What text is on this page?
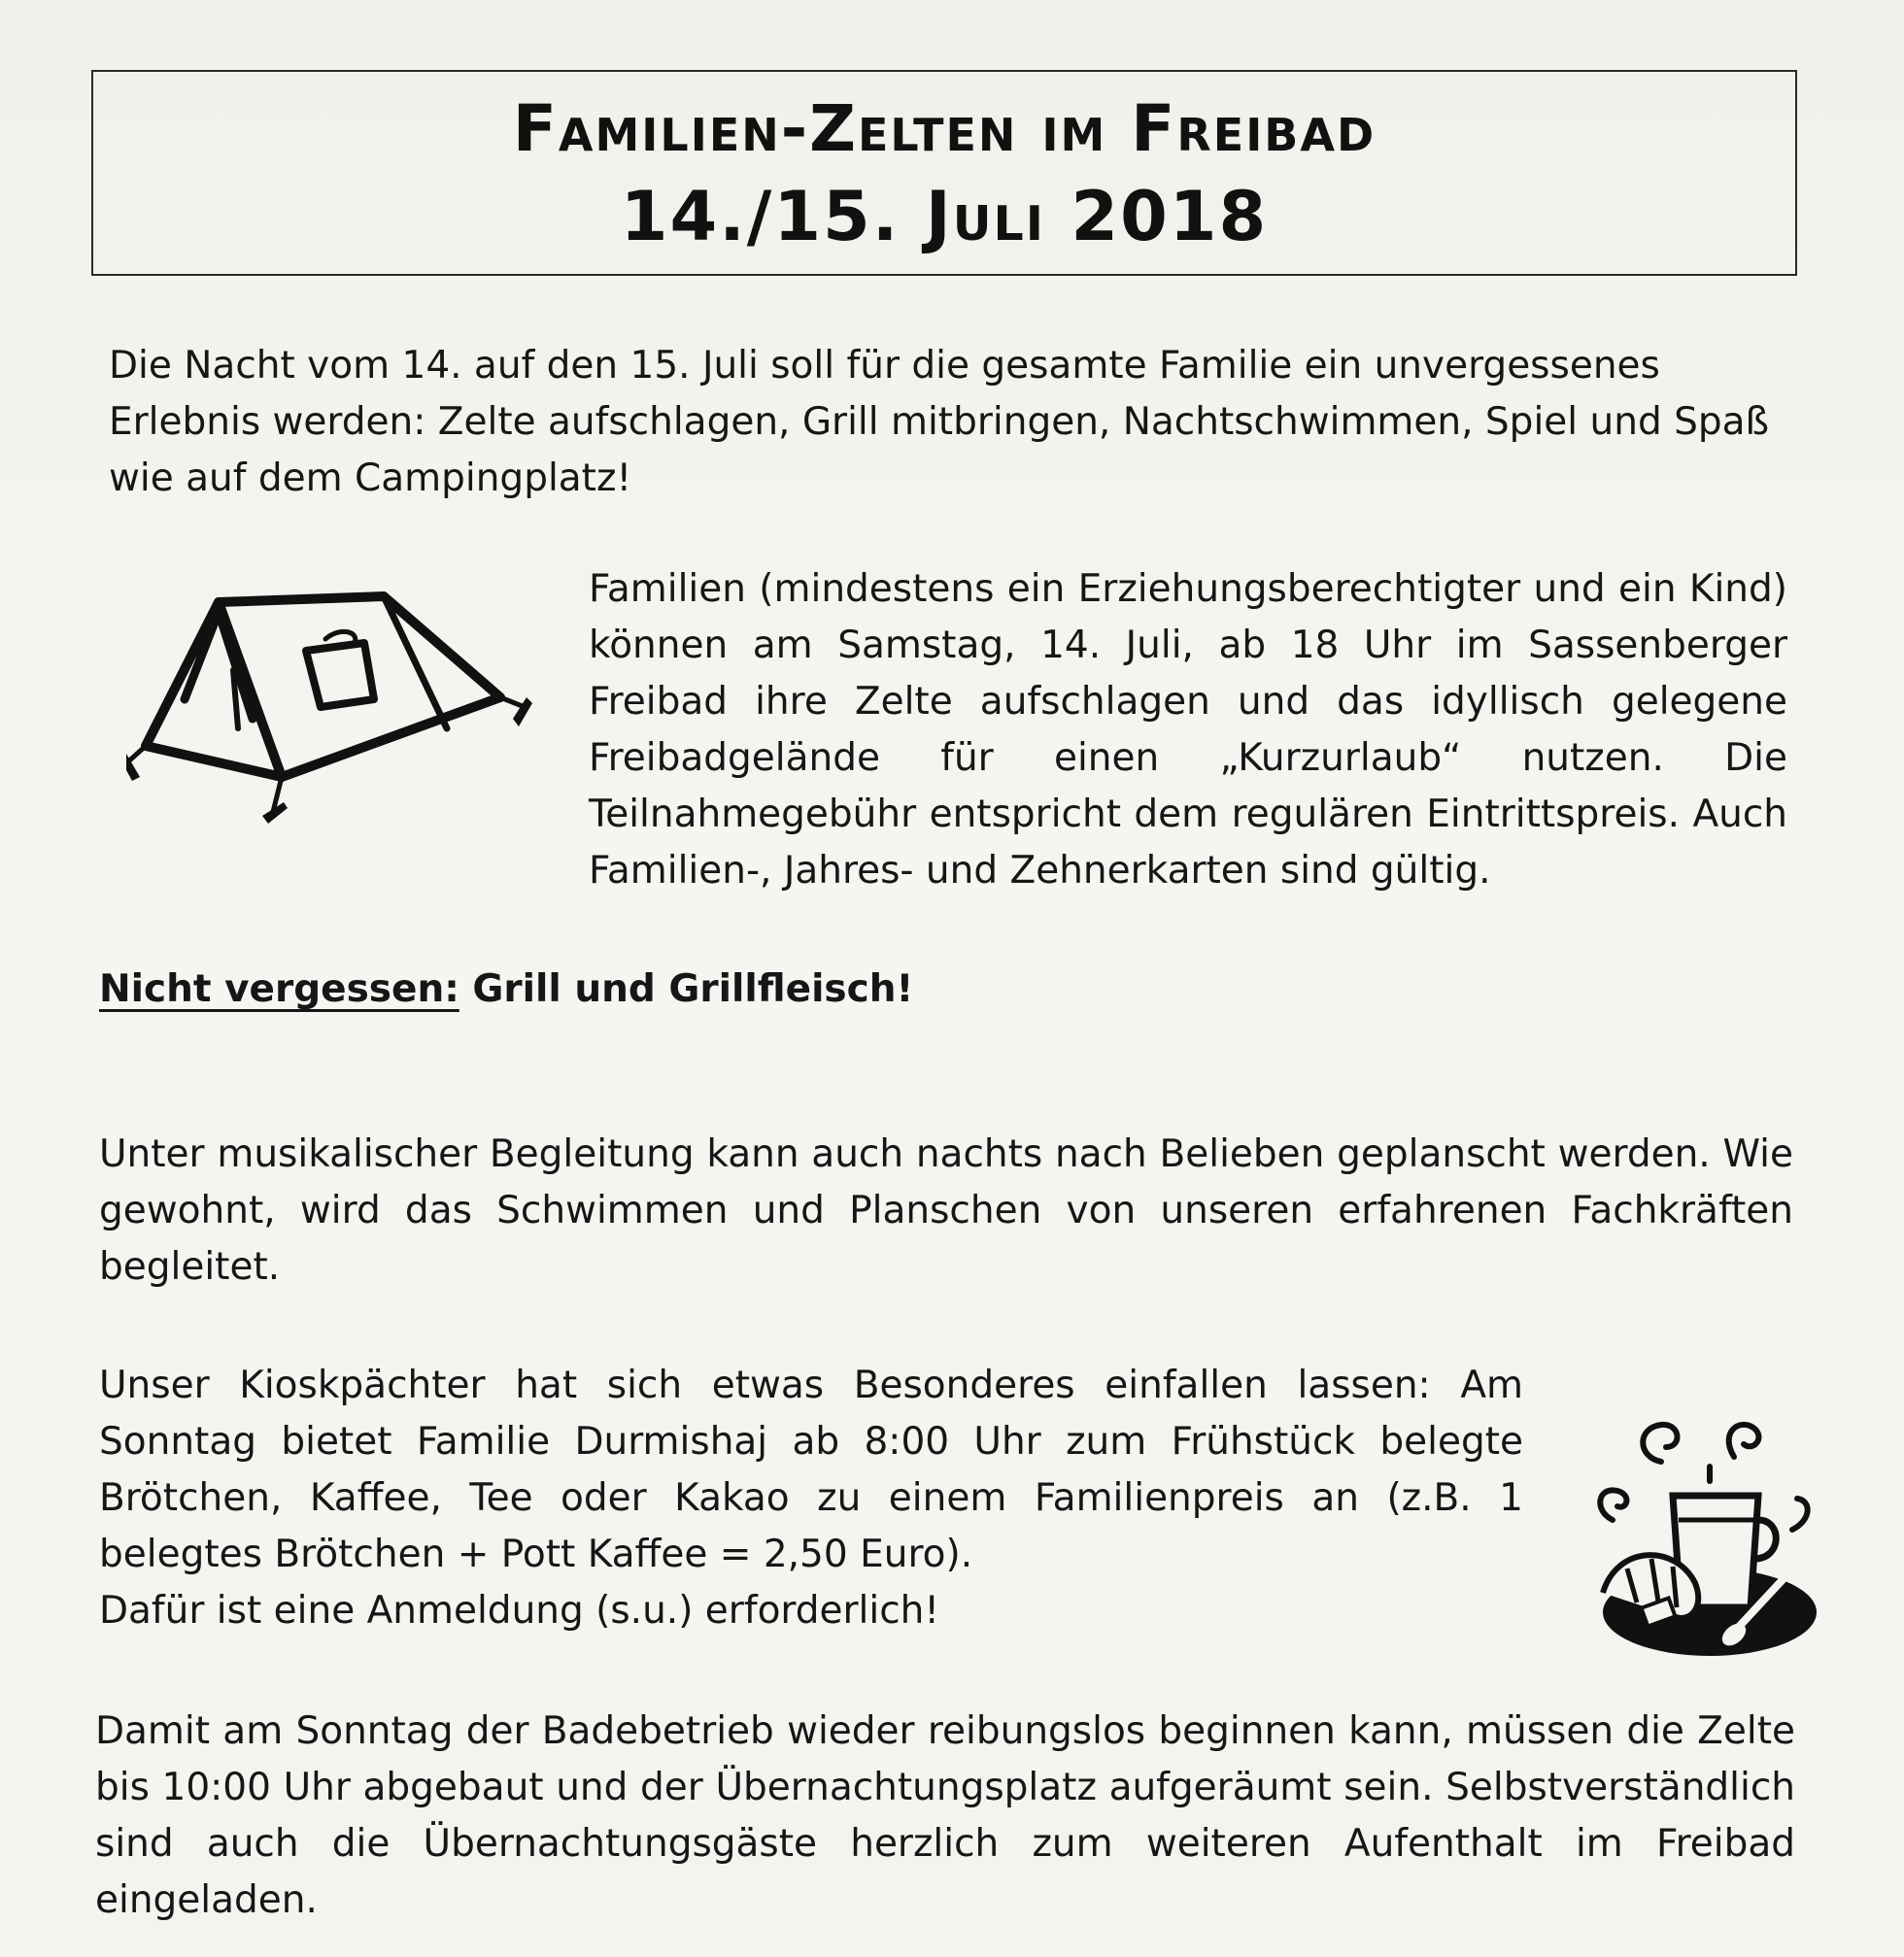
Familien-Zelten im Freibad
14./15. Juli 2018

Die Nacht vom 14. auf den 15. Juli soll für die gesamte Familie ein unvergessenes Erlebnis werden: Zelte aufschlagen, Grill mitbringen, Nachtschwimmen, Spiel und Spaß wie auf dem Campingplatz!

Familien (mindestens ein Erziehungsberechtigter und ein Kind) können am Samstag, 14. Juli, ab 18 Uhr im Sassenberger Freibad ihre Zelte aufschlagen und das idyllisch gelegene Freibadgelände für einen „Kurzurlaub“ nutzen. Die Teilnahmegebühr entspricht dem regulären Eintrittspreis. Auch Familien-, Jahres- und Zehnerkarten sind gültig.

Nicht vergessen: Grill und Grillfleisch!

Unter musikalischer Begleitung kann auch nachts nach Belieben geplanscht werden. Wie gewohnt, wird das Schwimmen und Planschen von unseren erfahrenen Fachkräften begleitet.

Unser Kioskpächter hat sich etwas Besonderes einfallen lassen: Am Sonntag bietet Familie Durmishaj ab 8:00 Uhr zum Frühstück belegte Brötchen, Kaffee, Tee oder Kakao zu einem Familienpreis an (z.B. 1 belegtes Brötchen + Pott Kaffee = 2,50 Euro).
Dafür ist eine Anmeldung (s.u.) erforderlich!

Damit am Sonntag der Badebetrieb wieder reibungslos beginnen kann, müssen die Zelte bis 10:00 Uhr abgebaut und der Übernachtungsplatz aufgeräumt sein. Selbstverständlich sind auch die Übernachtungsgäste herzlich zum weiteren Aufenthalt im Freibad eingeladen.
